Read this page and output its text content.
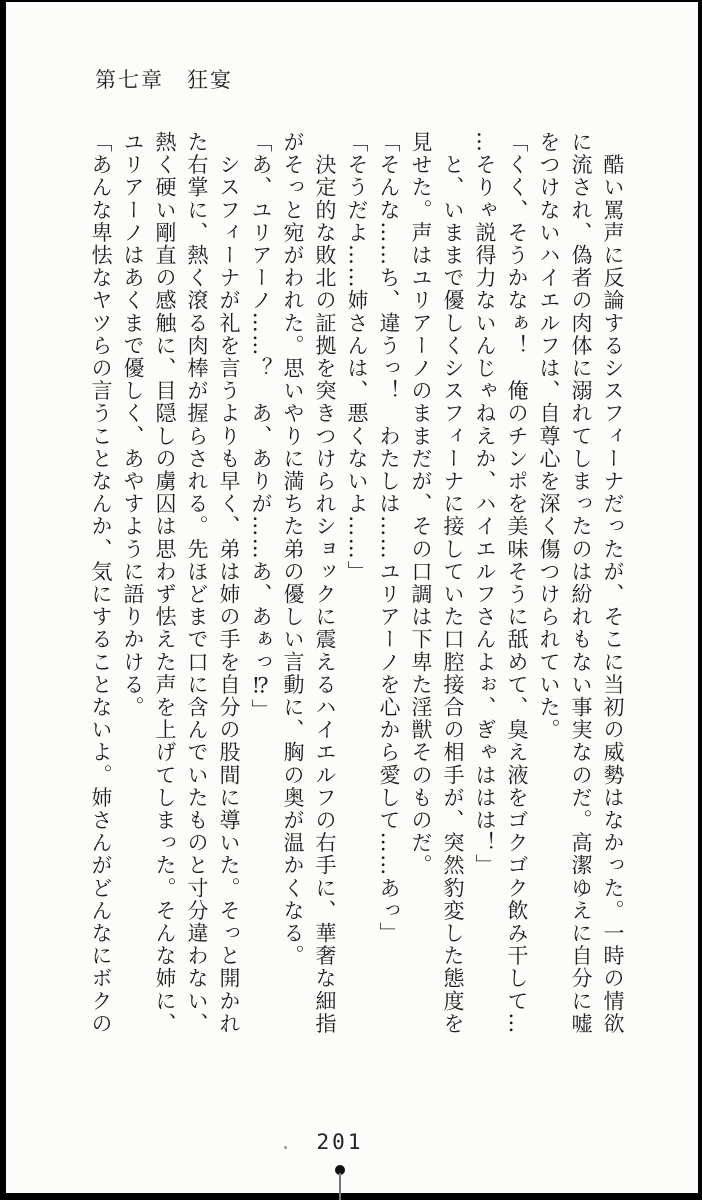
第七章　狂宴

　酷い罵声に反論するシスフィーナだったが、そこに当初の威勢はなかった。一時の情欲

に流され、偽者の肉体に溺れてしまったのは紛れもない事実なのだ。高潔ゆえに自分に嘘

をつけないハイエルフは、自尊心を深く傷つけられていた。

「くく、そうかなぁ！　俺のチンポを美味そうに舐めて、臭え液をゴクゴク飲み干して…

…そりゃ説得力ないんじゃねえか、ハイエルフさんよぉ、ぎゃははは！」

　と、いままで優しくシスフィーナに接していた口腔接合の相手が、突然豹変した態度を

見せた。声はユリアーノのままだが、その口調は下卑た淫獣そのものだ。

「そんな……ち、違うっ！　わたしは……ユリアーノを心から愛して……あっ」

「そうだよ……姉さんは、悪くないよ……」

　決定的な敗北の証拠を突きつけられショックに震えるハイエルフの右手に、華奢な細指

がそっと宛がわれた。思いやりに満ちた弟の優しい言動に、胸の奥が温かくなる。

「あ、ユリアーノ……？　あ、ありが……あ、あぁっ⁉」

　シスフィーナが礼を言うよりも早く、弟は姉の手を自分の股間に導いた。そっと開かれ

た右掌に、熱く滾る肉棒が握らされる。先ほどまで口に含んでいたものと寸分違わない、

熱く硬い剛直の感触に、目隠しの虜囚は思わず怯えた声を上げてしまった。そんな姉に、

ユリアーノはあくまで優しく、あやすように語りかける。

「あんな卑怯なヤツらの言うことなんか、気にすることないよ。姉さんがどんなにボクの

201
